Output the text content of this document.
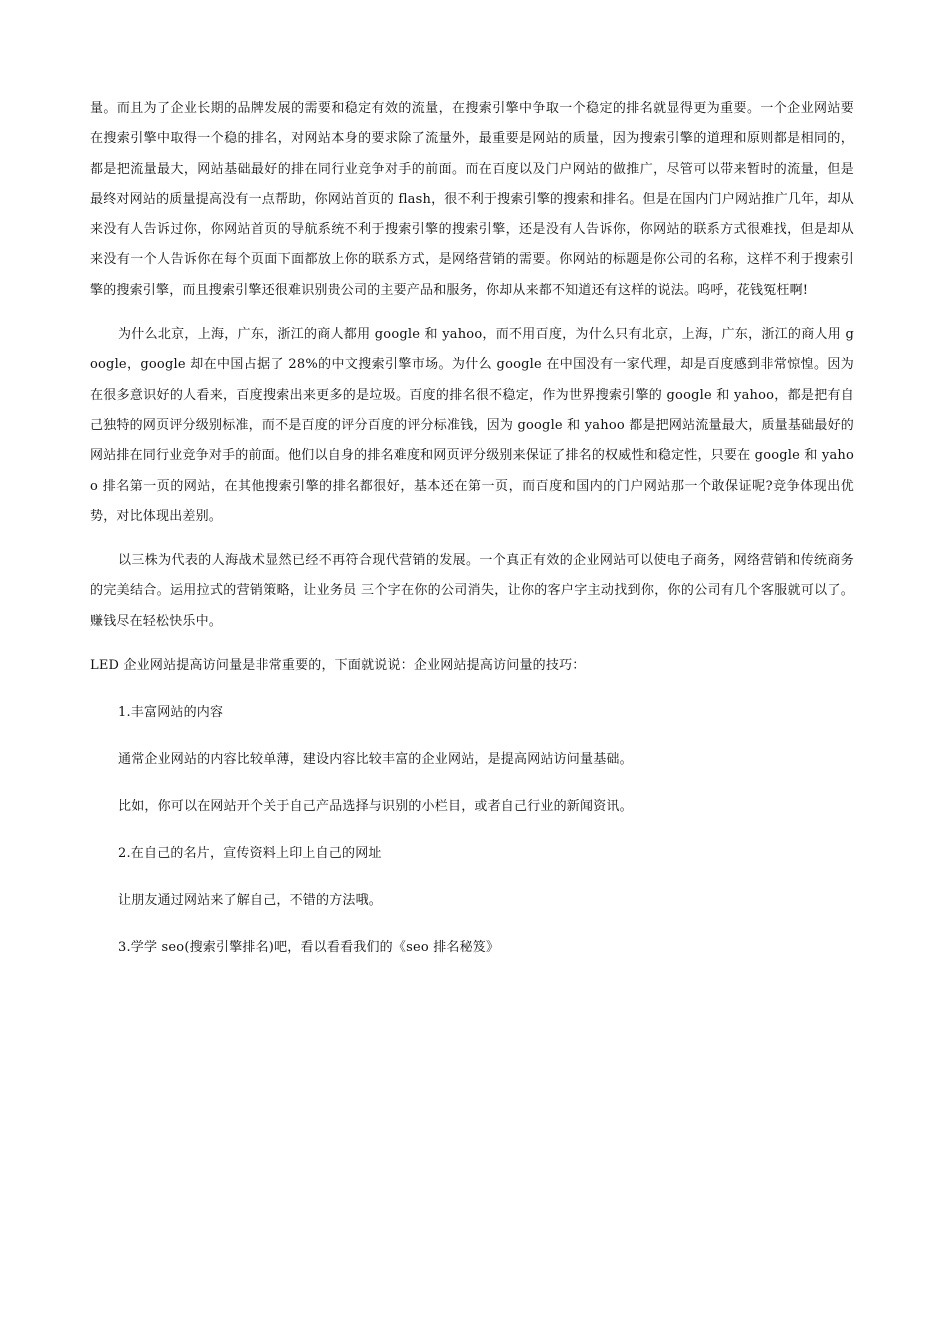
量。而且为了企业长期的品牌发展的需要和稳定有效的流量，在搜索引擎中争取一个稳定的排名就显得更为重要。一个企业网站要在搜索引擎中取得一个稳的排名，对网站本身的要求除了流量外，最重要是网站的质量，因为搜索引擎的道理和原则都是相同的，都是把流量最大，网站基础最好的排在同行业竞争对手的前面。而在百度以及门户网站的做推广，尽管可以带来暂时的流量，但是最终对网站的质量提高没有一点帮助，你网站首页的 flash，很不利于搜索引擎的搜索和排名。但是在国内门户网站推广几年，却从来没有人告诉过你，你网站首页的导航系统不利于搜索引擎的搜索引擎，还是没有人告诉你，你网站的联系方式很难找，但是却从来没有一个人告诉你在每个页面下面都放上你的联系方式，是网络营销的需要。你网站的标题是你公司的名称，这样不利于搜索引擎的搜索引擎，而且搜索引擎还很难识别贵公司的主要产品和服务，你却从来都不知道还有这样的说法。呜呼，花钱冤枉啊!

为什么北京，上海，广东，浙江的商人都用 google 和 yahoo，而不用百度，为什么只有北京，上海，广东，浙江的商人用 google，google 却在中国占据了 28%的中文搜索引擎市场。为什么 google 在中国没有一家代理，却是百度感到非常惊惶。因为在很多意识好的人看来，百度搜索出来更多的是垃圾。百度的排名很不稳定，作为世界搜索引擎的 google 和 yahoo，都是把有自己独特的网页评分级别标准，而不是百度的评分百度的评分标准钱，因为 google 和 yahoo 都是把网站流量最大，质量基础最好的网站排在同行业竞争对手的前面。他们以自身的排名难度和网页评分级别来保证了排名的权威性和稳定性，只要在 google 和 yahoo 排名第一页的网站，在其他搜索引擎的排名都很好，基本还在第一页，而百度和国内的门户网站那一个敢保证呢?竞争体现出优势，对比体现出差别。

以三株为代表的人海战术显然已经不再符合现代营销的发展。一个真正有效的企业网站可以使电子商务，网络营销和传统商务的完美结合。运用拉式的营销策略，让业务员 三个字在你的公司消失，让你的客户字主动找到你，你的公司有几个客服就可以了。赚钱尽在轻松快乐中。

LED 企业网站提高访问量是非常重要的，下面就说说：企业网站提高访问量的技巧：

1.丰富网站的内容

通常企业网站的内容比较单薄，建设内容比较丰富的企业网站，是提高网站访问量基础。

比如，你可以在网站开个关于自己产品选择与识别的小栏目，或者自己行业的新闻资讯。

2.在自己的名片，宣传资料上印上自己的网址

让朋友通过网站来了解自己，不错的方法哦。

3.学学 seo(搜索引擎排名)吧，看以看看我们的《seo 排名秘笈》
